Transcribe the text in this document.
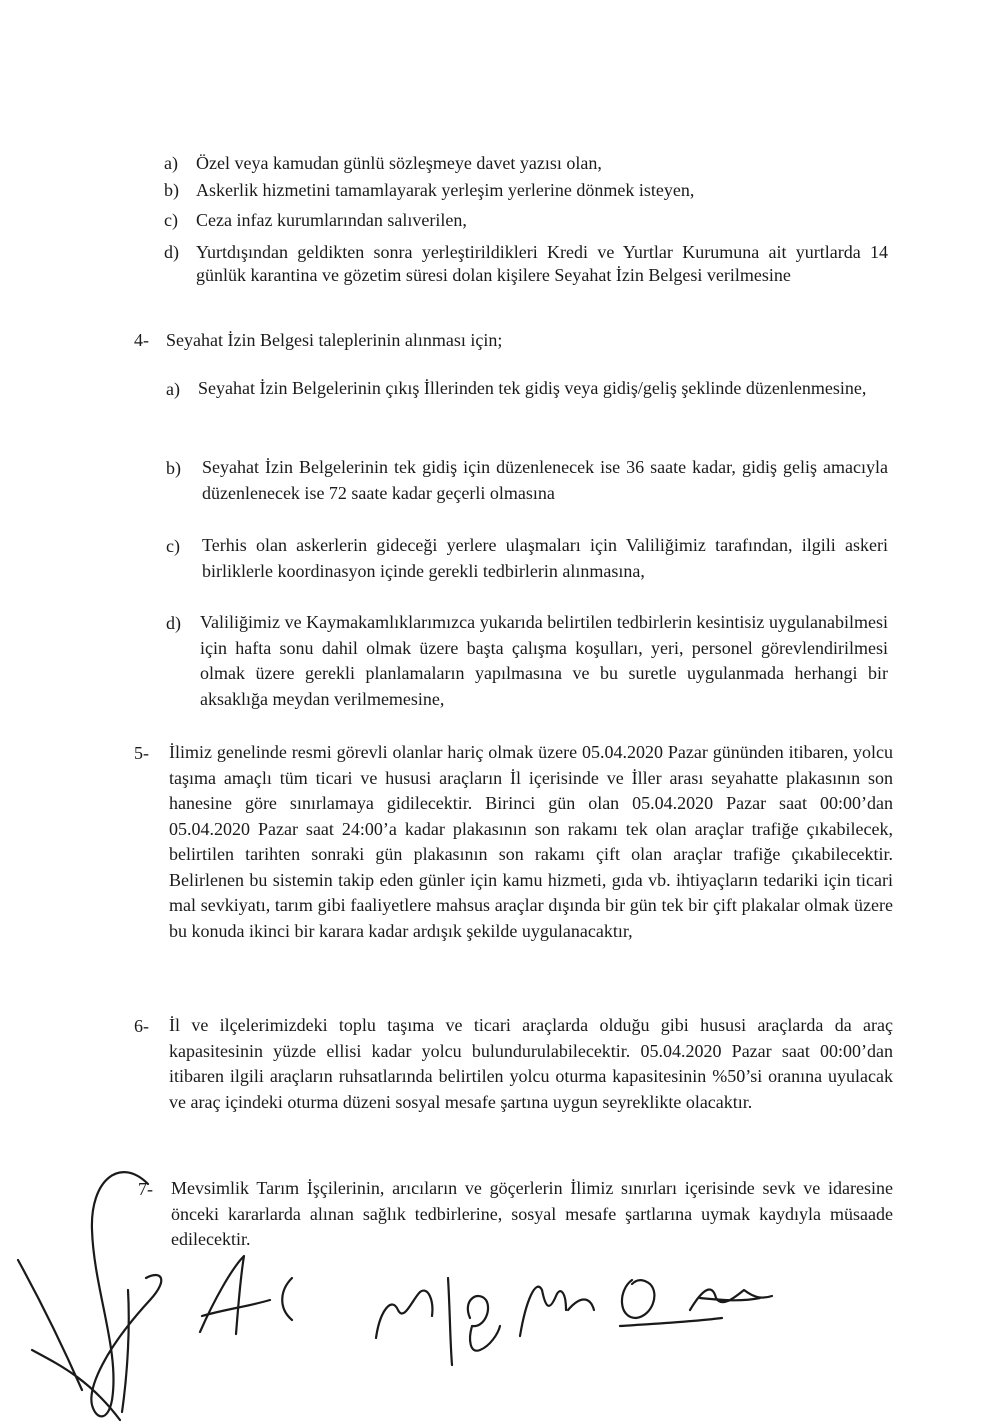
a) Özel veya kamudan günlü sözleşmeye davet yazısı olan,
b) Askerlik hizmetini tamamlayarak yerleşim yerlerine dönmek isteyen,
c) Ceza infaz kurumlarından salıverilen,
d) Yurtdışından geldikten sonra yerleştirildikleri Kredi ve Yurtlar Kurumuna ait yurtlarda 14 günlük karantina ve gözetim süresi dolan kişilere Seyahat İzin Belgesi verilmesine
4- Seyahat İzin Belgesi taleplerinin alınması için;
a) Seyahat İzin Belgelerinin çıkış İllerinden tek gidiş veya gidiş/geliş şeklinde düzenlenmesine,
b) Seyahat İzin Belgelerinin tek gidiş için düzenlenecek ise 36 saate kadar, gidiş geliş amacıyla düzenlenecek ise 72 saate kadar geçerli olmasına
c) Terhis olan askerlerin gideceği yerlere ulaşmaları için Valiliğimiz tarafından, ilgili askeri birliklerle koordinasyon içinde gerekli tedbirlerin alınmasına,
d) Valiliğimiz ve Kaymakamlıklarımızca yukarıda belirtilen tedbirlerin kesintisiz uygulanabilmesi için hafta sonu dahil olmak üzere başta çalışma koşulları, yeri, personel görevlendirilmesi olmak üzere gerekli planlamaların yapılmasına ve bu suretle uygulanmada herhangi bir aksaklığa meydan verilmemesine,
5- İlimiz genelinde resmi görevli olanlar hariç olmak üzere 05.04.2020 Pazar gününden itibaren, yolcu taşıma amaçlı tüm ticari ve hususi araçların İl içerisinde ve İller arası seyahatte plakasının son hanesine göre sınırlamaya gidilecektir. Birinci gün olan 05.04.2020 Pazar saat 00:00’dan 05.04.2020 Pazar saat 24:00’a kadar plakasının son rakamı tek olan araçlar trafiğe çıkabilecek, belirtilen tarihten sonraki gün plakasının son rakamı çift olan araçlar trafiğe çıkabilecektir. Belirlenen bu sistemin takip eden günler için kamu hizmeti, gıda vb. ihtiyaçların tedariki için ticari mal sevkiyatı, tarım gibi faaliyetlere mahsus araçlar dışında bir gün tek bir çift plakalar olmak üzere bu konuda ikinci bir karara kadar ardışık şekilde uygulanacaktır,
6- İl ve ilçelerimizdeki toplu taşıma ve ticari araçlarda olduğu gibi hususi araçlarda da araç kapasitesinin yüzde ellisi kadar yolcu bulundurulabilecektir. 05.04.2020 Pazar saat 00:00’dan itibaren ilgili araçların ruhsatlarında belirtilen yolcu oturma kapasitesinin %50’si oranına uyulacak ve araç içindeki oturma düzeni sosyal mesafe şartına uygun seyreklikte olacaktır.
7- Mevsimlik Tarım İşçilerinin, arıcıların ve göçerlerin İlimiz sınırları içerisinde sevk ve idaresine önceki kararlarda alınan sağlık tedbirlerine, sosyal mesafe şartlarına uymak kaydıyla müsaade edilecektir.
